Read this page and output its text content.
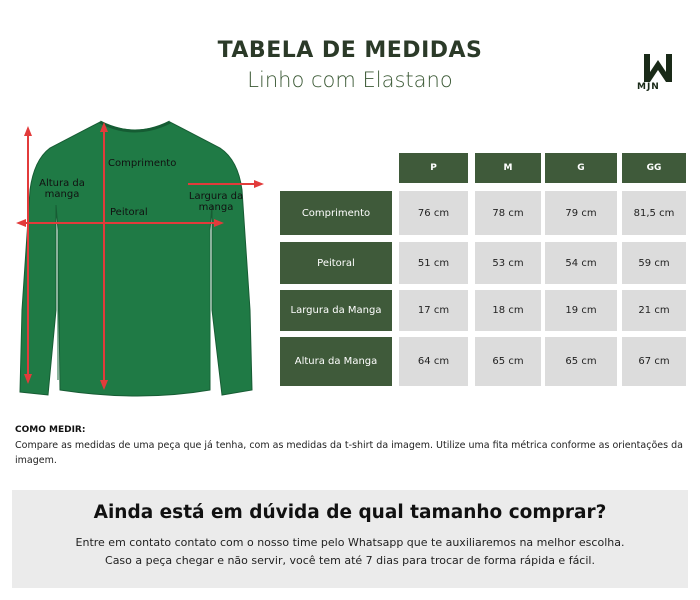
TABELA DE MEDIDAS
Linho com Elastano	MJN
Comprimento
Altura da
manga
Peitoral
Largura da
manga
P	M	G	GG
Comprimento	76 cm	78 cm	79 cm	81,5 cm
Peitoral	51 cm	53 cm	54 cm	59 cm
Largura da Manga	17 cm	18 cm	19 cm	21 cm
Altura da Manga	64 cm	65 cm	65 cm	67 cm
COMO MEDIR:
Compare as medidas de uma peça que já tenha, com as medidas da t-shirt da imagem. Utilize uma fita métrica conforme as orientações da imagem.
Ainda está em dúvida de qual tamanho comprar?
Entre em contato contato com o nosso time pelo Whatsapp que te auxiliaremos na melhor escolha.
Caso a peça chegar e não servir, você tem até 7 dias para trocar de forma rápida e fácil.
